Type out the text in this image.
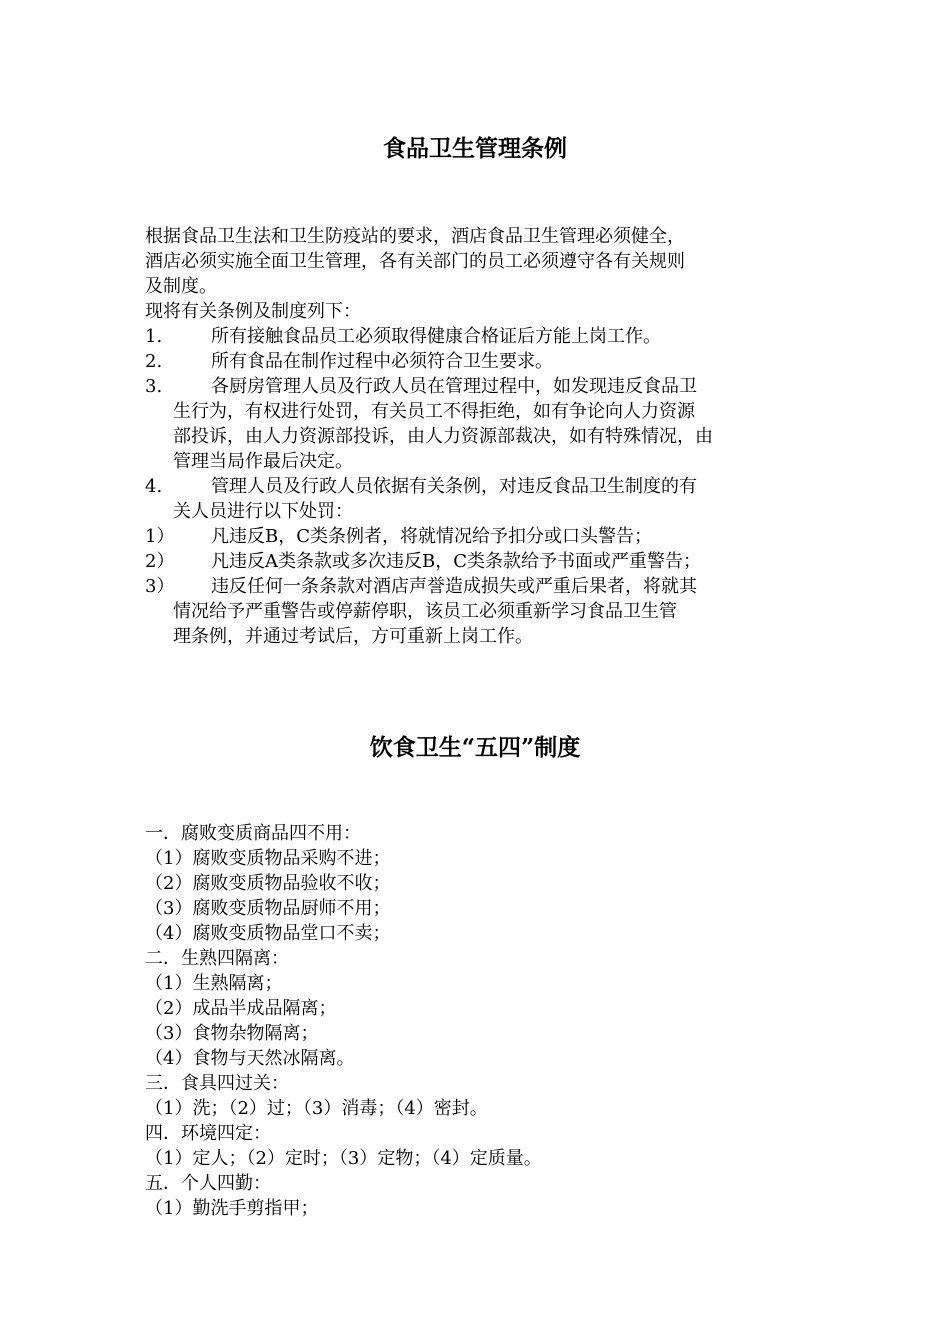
食品卫生管理条例
根据食品卫生法和卫生防疫站的要求，酒店食品卫生管理必须健全，
酒店必须实施全面卫生管理，各有关部门的员工必须遵守各有关规则
及制度。
现将有关条例及制度列下：
1.	所有接触食品员工必须取得健康合格证后方能上岗工作。
2.	所有食品在制作过程中必须符合卫生要求。
3.	各厨房管理人员及行政人员在管理过程中，如发现违反食品卫
生行为，有权进行处罚，有关员工不得拒绝，如有争论向人力资源
部投诉，由人力资源部投诉，由人力资源部裁决，如有特殊情况，由
管理当局作最后决定。
4.	管理人员及行政人员依据有关条例，对违反食品卫生制度的有
关人员进行以下处罚：
1） 凡违反B，C类条例者，将就情况给予扣分或口头警告；
2） 凡违反A类条款或多次违反B，C类条款给予书面或严重警告；
3） 违反任何一条条款对酒店声誉造成损失或严重后果者，将就其
情况给予严重警告或停薪停职，该员工必须重新学习食品卫生管
理条例，并通过考试后，方可重新上岗工作。
饮食卫生“五四”制度
一．腐败变质商品四不用：
（1）腐败变质物品采购不进；
（2）腐败变质物品验收不收；
（3）腐败变质物品厨师不用；
（4）腐败变质物品堂口不卖；
二．生熟四隔离：
（1）生熟隔离；
（2）成品半成品隔离；
（3）食物杂物隔离；
（4）食物与天然冰隔离。
三．食具四过关：
（1）洗；（2）过；（3）消毒；（4）密封。
四．环境四定：
（1）定人；（2）定时；（3）定物；（4）定质量。
五．个人四勤：
（1）勤洗手剪指甲；
